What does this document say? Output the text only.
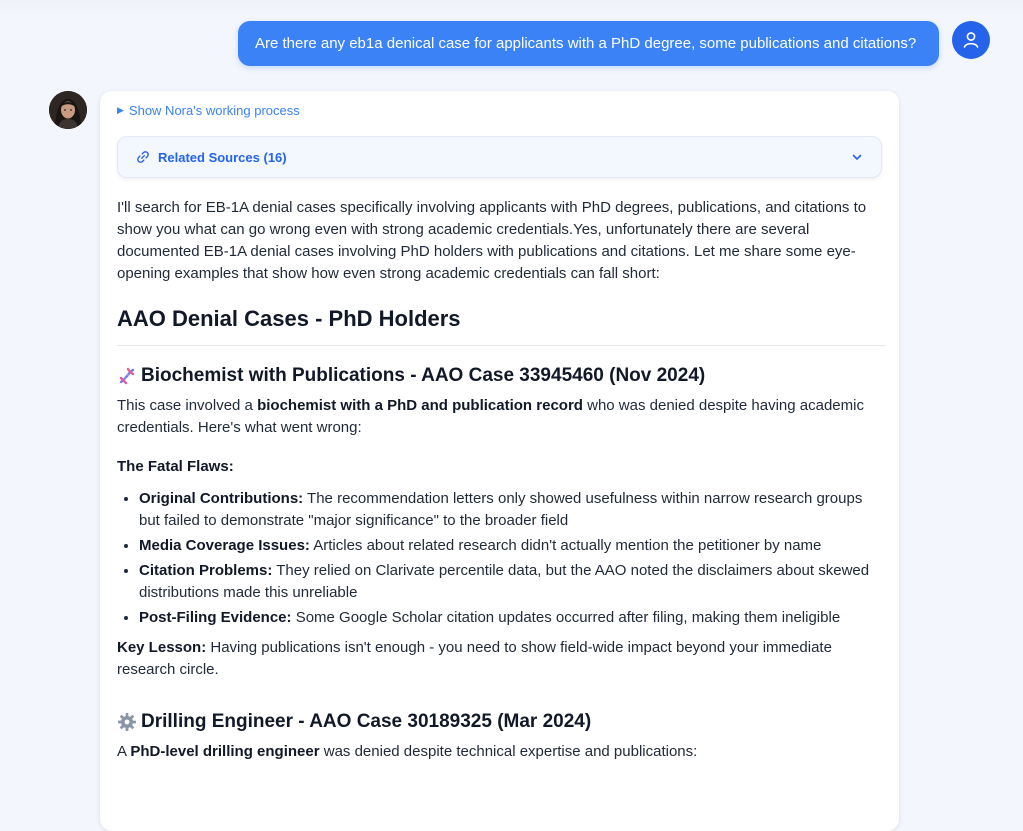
Are there any eb1a denical case for applicants with a PhD degree, some publications and citations?
▶ Show Nora's working process
Related Sources (16)

I'll search for EB-1A denial cases specifically involving applicants with PhD degrees, publications, and citations to show you what can go wrong even with strong academic credentials.Yes, unfortunately there are several documented EB-1A denial cases involving PhD holders with publications and citations. Let me share some eye-opening examples that show how even strong academic credentials can fall short:

AAO Denial Cases - PhD Holders
Biochemist with Publications - AAO Case 33945460 (Nov 2024)

This case involved a biochemist with a PhD and publication record who was denied despite having academic credentials. Here's what went wrong:

The Fatal Flaws:

• Original Contributions: The recommendation letters only showed usefulness within narrow research groups but failed to demonstrate "major significance" to the broader field
• Media Coverage Issues: Articles about related research didn't actually mention the petitioner by name
• Citation Problems: They relied on Clarivate percentile data, but the AAO noted the disclaimers about skewed distributions made this unreliable
• Post-Filing Evidence: Some Google Scholar citation updates occurred after filing, making them ineligible

Key Lesson: Having publications isn't enough - you need to show field-wide impact beyond your immediate research circle.

Drilling Engineer - AAO Case 30189325 (Mar 2024)

A PhD-level drilling engineer was denied despite technical expertise and publications:
